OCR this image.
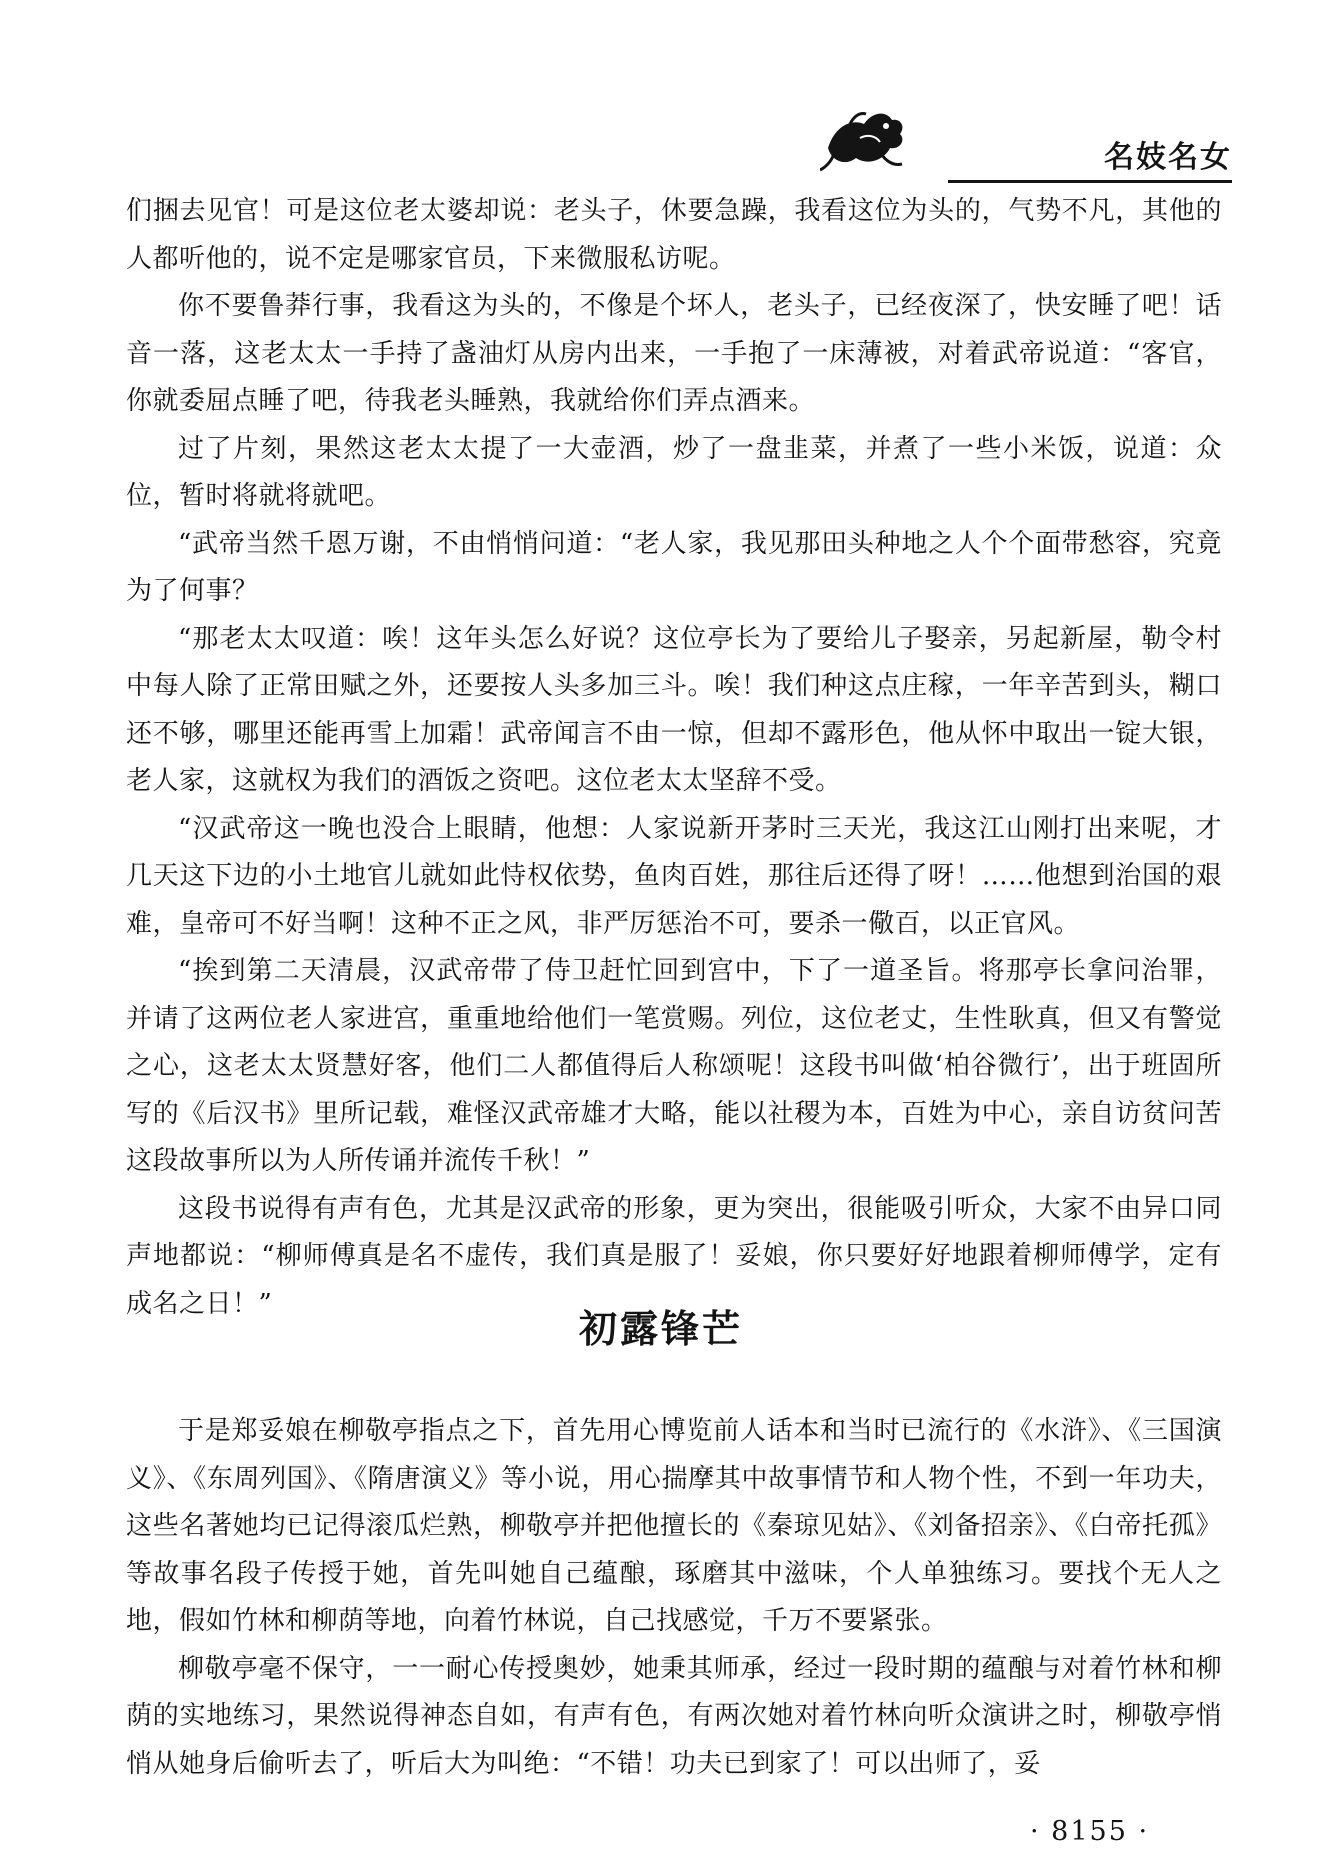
名妓名女

们捆去见官！可是这位老太婆却说：老头子，休要急躁，我看这位为头的，气势不凡，其他的人都听他的，说不定是哪家官员，下来微服私访呢。

你不要鲁莽行事，我看这为头的，不像是个坏人，老头子，已经夜深了，快安睡了吧！话音一落，这老太太一手持了盏油灯从房内出来，一手抱了一床薄被，对着武帝说道：“客官，你就委屈点睡了吧，待我老头睡熟，我就给你们弄点酒来。

过了片刻，果然这老太太提了一大壶酒，炒了一盘韭菜，并煮了一些小米饭，说道：众位，暂时将就将就吧。

“武帝当然千恩万谢，不由悄悄问道：“老人家，我见那田头种地之人个个面带愁容，究竟为了何事？

“那老太太叹道：唉！这年头怎么好说？这位亭长为了要给儿子娶亲，另起新屋，勒令村中每人除了正常田赋之外，还要按人头多加三斗。唉！我们种这点庄稼，一年辛苦到头，糊口还不够，哪里还能再雪上加霜！武帝闻言不由一惊，但却不露形色，他从怀中取出一锭大银，老人家，这就权为我们的酒饭之资吧。这位老太太坚辞不受。

“汉武帝这一晚也没合上眼睛，他想：人家说新开茅时三天光，我这江山刚打出来呢，才几天这下边的小土地官儿就如此恃权依势，鱼肉百姓，那往后还得了呀！……他想到治国的艰难，皇帝可不好当啊！这种不正之风，非严厉惩治不可，要杀一儆百，以正官风。

“挨到第二天清晨，汉武帝带了侍卫赶忙回到宫中，下了一道圣旨。将那亭长拿问治罪，并请了这两位老人家进宫，重重地给他们一笔赏赐。列位，这位老丈，生性耿真，但又有警觉之心，这老太太贤慧好客，他们二人都值得后人称颂呢！这段书叫做‘柏谷微行’，出于班固所写的《后汉书》里所记载，难怪汉武帝雄才大略，能以社稷为本，百姓为中心，亲自访贫问苦这段故事所以为人所传诵并流传千秋！”

这段书说得有声有色，尤其是汉武帝的形象，更为突出，很能吸引听众，大家不由异口同声地都说：“柳师傅真是名不虚传，我们真是服了！妥娘，你只要好好地跟着柳师傅学，定有成名之日！”

初露锋芒

于是郑妥娘在柳敬亭指点之下，首先用心博览前人话本和当时已流行的《水浒》、《三国演义》、《东周列国》、《隋唐演义》等小说，用心揣摩其中故事情节和人物个性，不到一年功夫，这些名著她均已记得滚瓜烂熟，柳敬亭并把他擅长的《秦琼见姑》、《刘备招亲》、《白帝托孤》等故事名段子传授于她，首先叫她自己蕴酿，琢磨其中滋味，个人单独练习。要找个无人之地，假如竹林和柳荫等地，向着竹林说，自己找感觉，千万不要紧张。

柳敬亭毫不保守，一一耐心传授奥妙，她秉其师承，经过一段时期的蕴酿与对着竹林和柳荫的实地练习，果然说得神态自如，有声有色，有两次她对着竹林向听众演讲之时，柳敬亭悄悄从她身后偷听去了，听后大为叫绝：“不错！功夫已到家了！可以出师了，妥

· 8155 ·
